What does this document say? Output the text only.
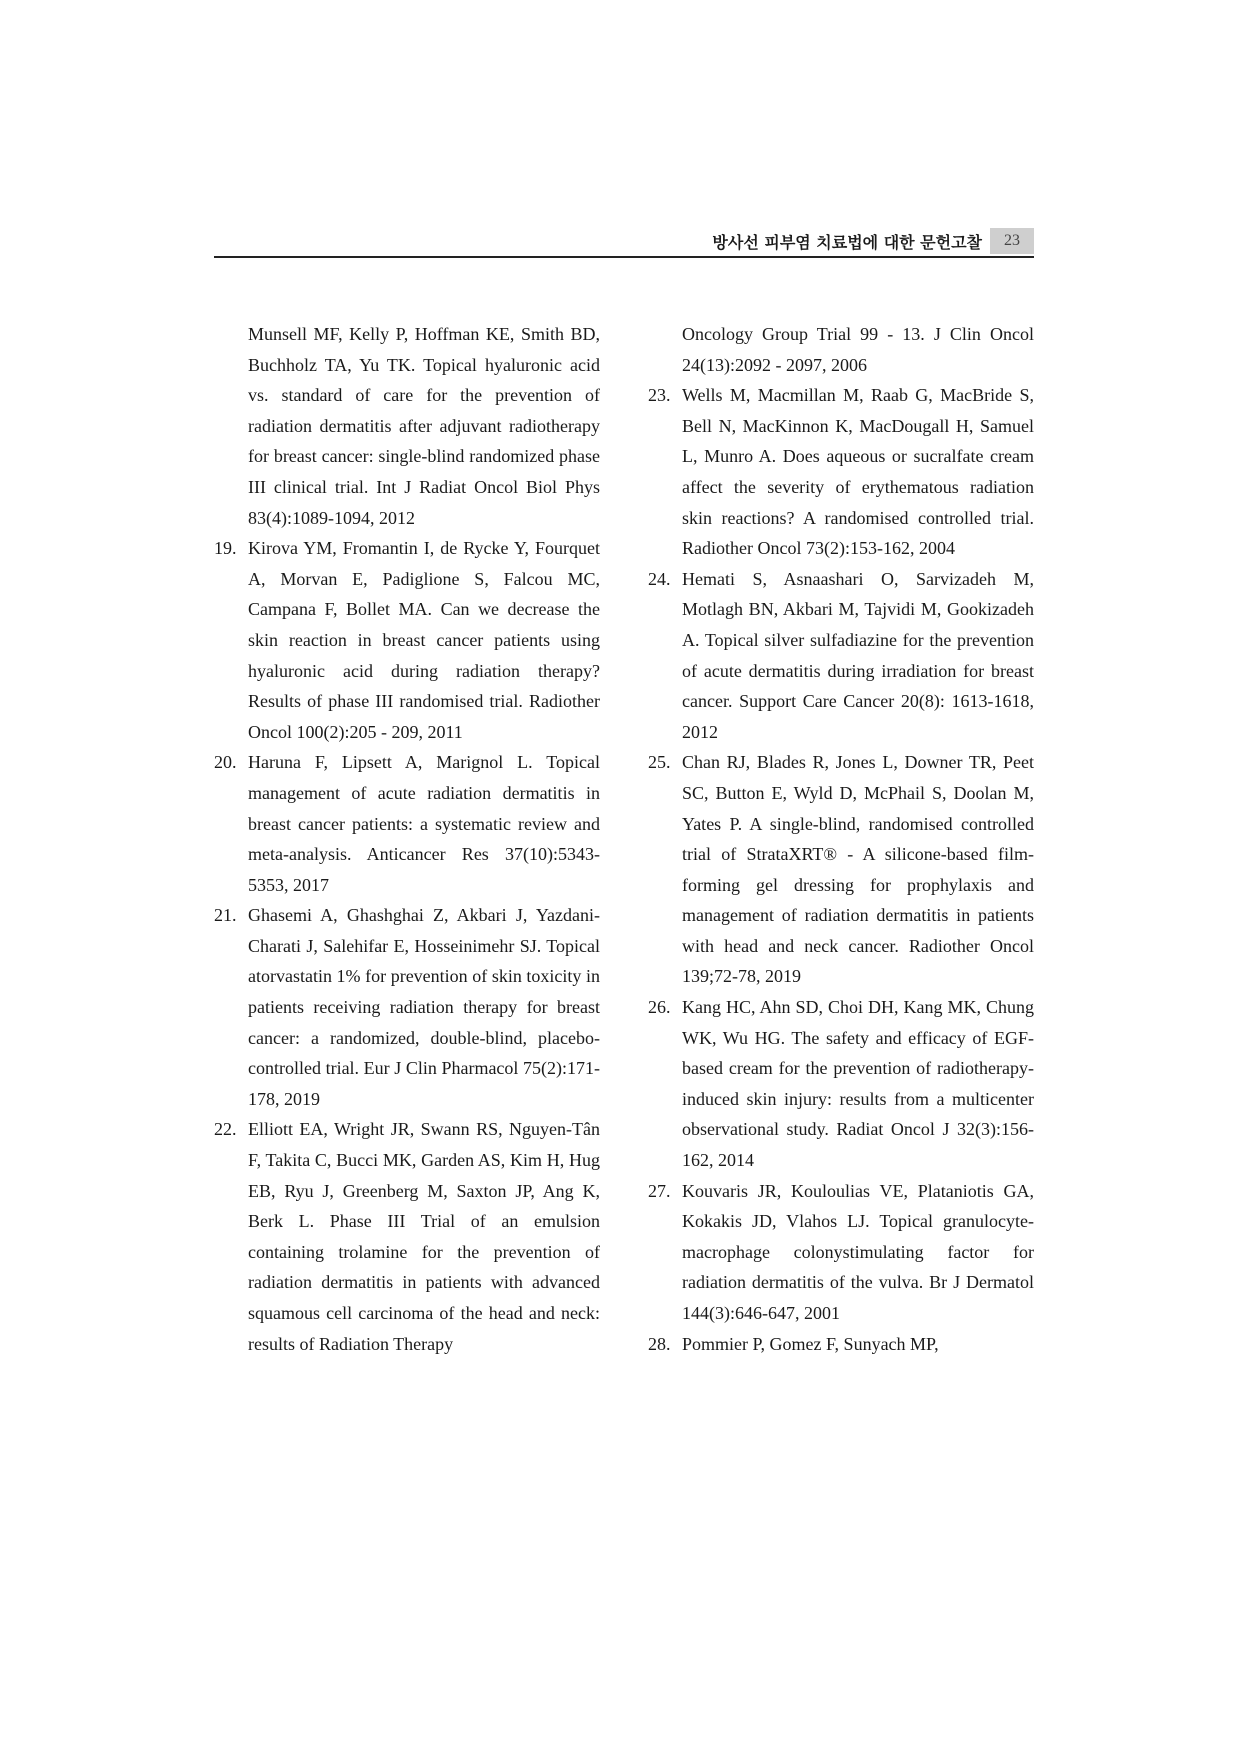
방사선 피부염 치료법에 대한 문헌고찰	23
Munsell MF, Kelly P, Hoffman KE, Smith BD, Buchholz TA, Yu TK. Topical hyaluronic acid vs. standard of care for the prevention of radiation dermatitis after adjuvant radiotherapy for breast cancer: single-blind randomized phase III clinical trial. Int J Radiat Oncol Biol Phys 83(4):1089-1094, 2012
19. Kirova YM, Fromantin I, de Rycke Y, Fourquet A, Morvan E, Padiglione S, Falcou MC, Campana F, Bollet MA. Can we decrease the skin reaction in breast cancer patients using hyaluronic acid during radiation therapy? Results of phase III randomised trial. Radiother Oncol 100(2):205 - 209, 2011
20. Haruna F, Lipsett A, Marignol L. Topical management of acute radiation dermatitis in breast cancer patients: a systematic review and meta-analysis. Anticancer Res 37(10):5343- 5353, 2017
21. Ghasemi A, Ghashghai Z, Akbari J, Yazdani-Charati J, Salehifar E, Hosseinimehr SJ. Topical atorvastatin 1% for prevention of skin toxicity in patients receiving radiation therapy for breast cancer: a randomized, double-blind, placebo-controlled trial. Eur J Clin Pharmacol 75(2):171-178, 2019
22. Elliott EA, Wright JR, Swann RS, Nguyen-Tân F, Takita C, Bucci MK, Garden AS, Kim H, Hug EB, Ryu J, Greenberg M, Saxton JP, Ang K, Berk L. Phase III Trial of an emulsion containing trolamine for the prevention of radiation dermatitis in patients with advanced squamous cell carcinoma of the head and neck: results of Radiation Therapy
Oncology Group Trial 99 - 13. J Clin Oncol 24(13):2092 - 2097, 2006
23. Wells M, Macmillan M, Raab G, MacBride S, Bell N, MacKinnon K, MacDougall H, Samuel L, Munro A. Does aqueous or sucralfate cream affect the severity of erythematous radiation skin reactions? A randomised controlled trial. Radiother Oncol 73(2):153-162, 2004
24. Hemati S, Asnaashari O, Sarvizadeh M, Motlagh BN, Akbari M, Tajvidi M, Gookizadeh A. Topical silver sulfadiazine for the prevention of acute dermatitis during irradiation for breast cancer. Support Care Cancer 20(8): 1613-1618, 2012
25. Chan RJ, Blades R, Jones L, Downer TR, Peet SC, Button E, Wyld D, McPhail S, Doolan M, Yates P. A single-blind, randomised controlled trial of StrataXRT® - A silicone-based film-forming gel dressing for prophylaxis and management of radiation dermatitis in patients with head and neck cancer. Radiother Oncol 139;72-78, 2019
26. Kang HC, Ahn SD, Choi DH, Kang MK, Chung WK, Wu HG. The safety and efficacy of EGF-based cream for the prevention of radiotherapy-induced skin injury: results from a multicenter observational study. Radiat Oncol J 32(3):156-162, 2014
27. Kouvaris JR, Kouloulias VE, Plataniotis GA, Kokakis JD, Vlahos LJ. Topical granulocyte-macrophage colonystimulating factor for radiation dermatitis of the vulva. Br J Dermatol 144(3):646-647, 2001
28. Pommier P, Gomez F, Sunyach MP,
